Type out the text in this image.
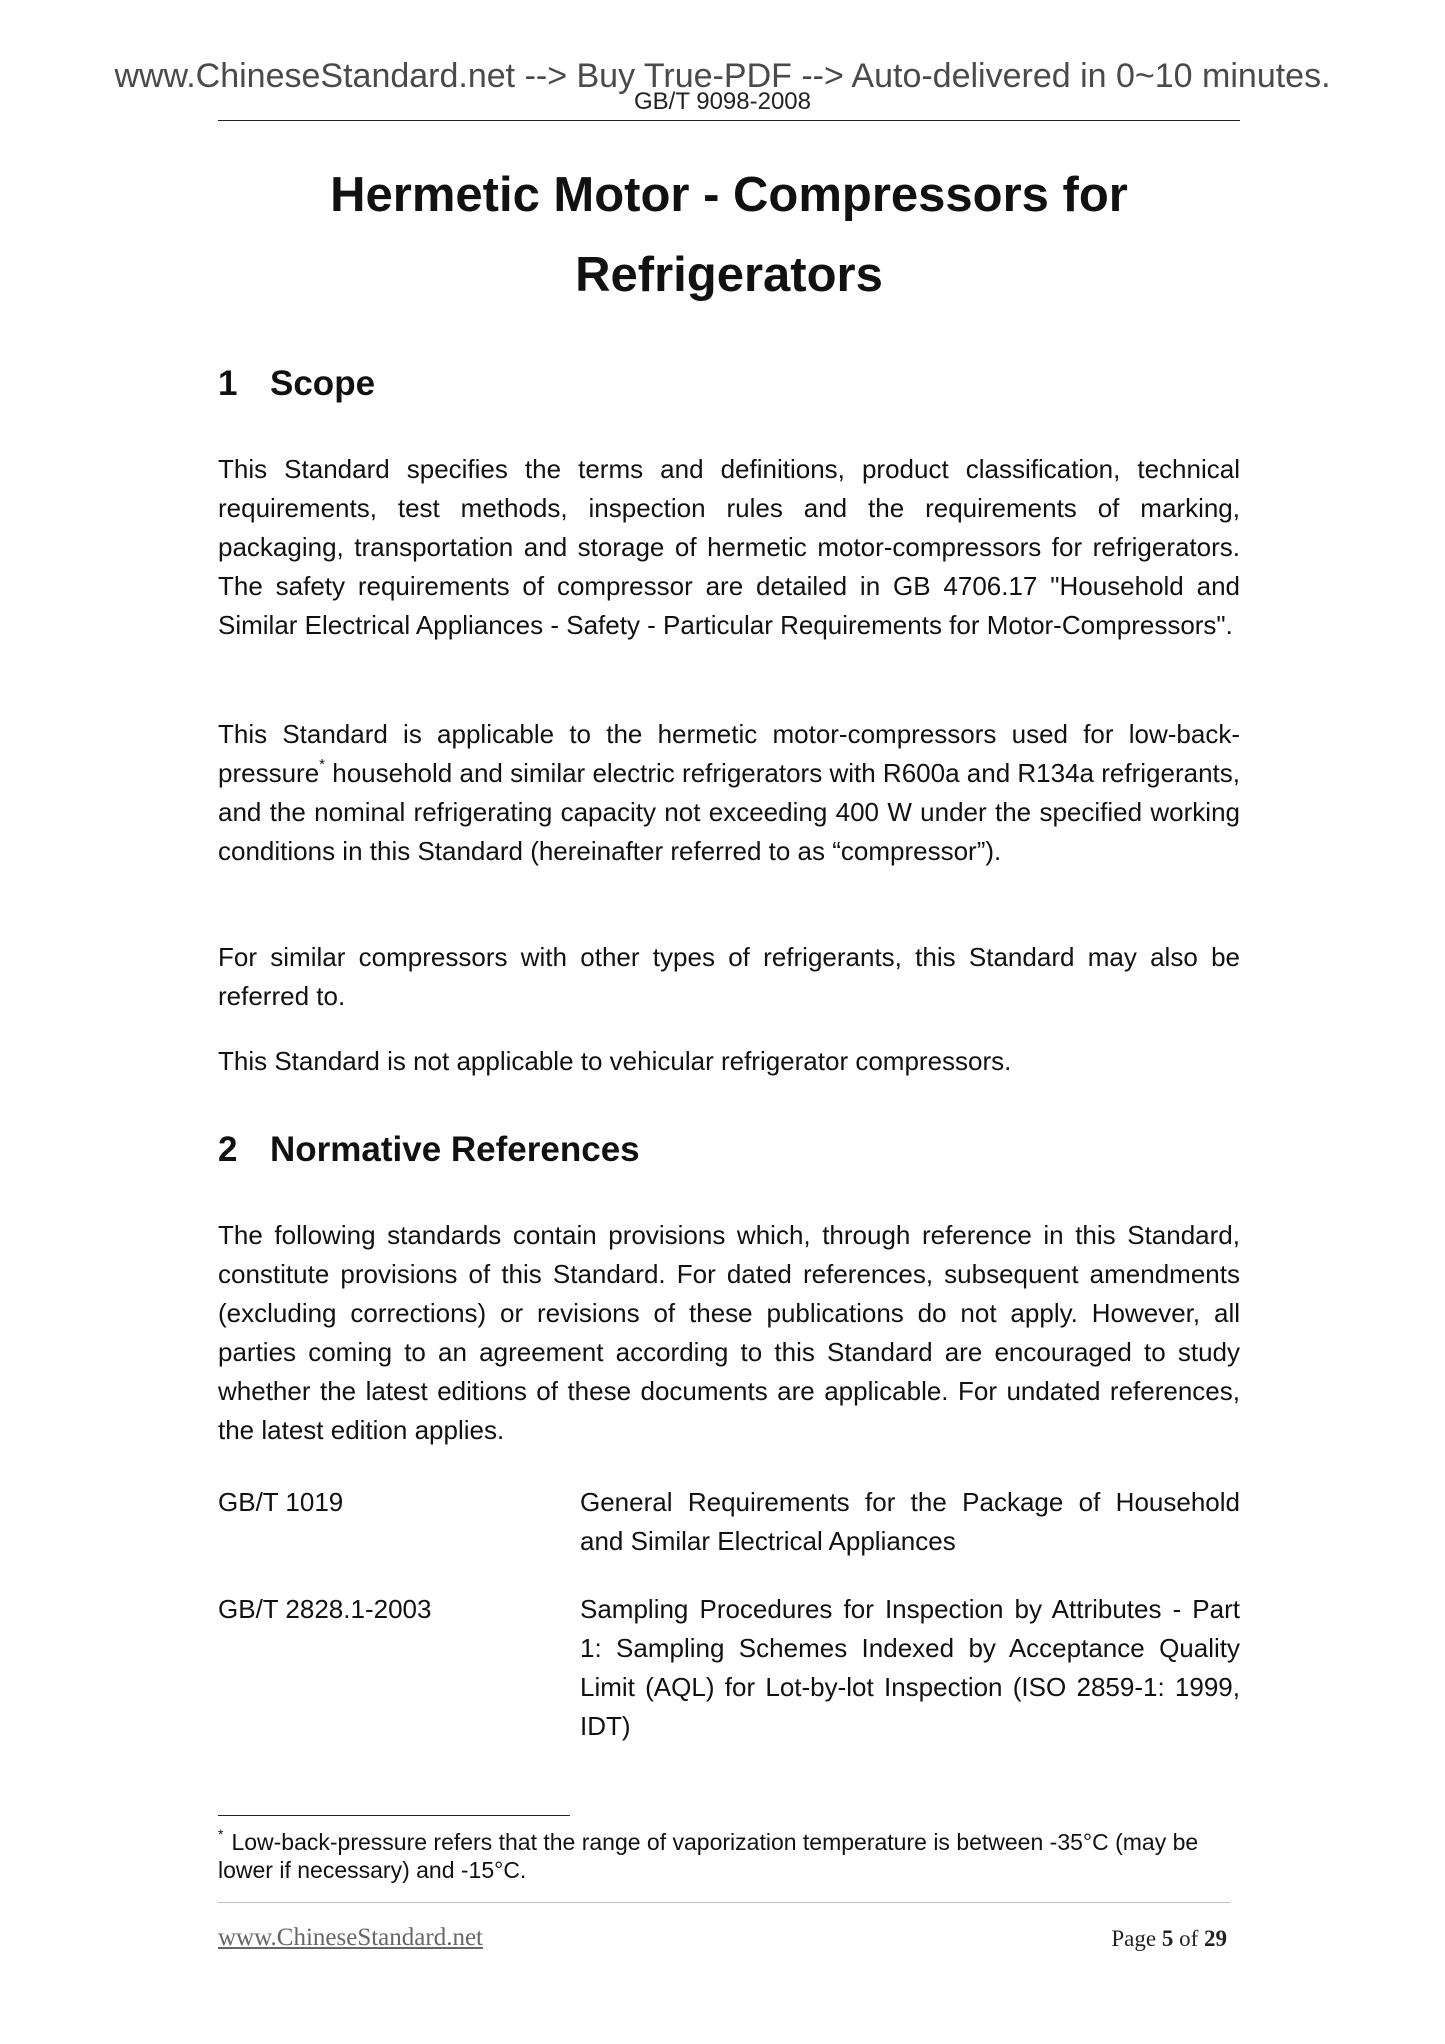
www.ChineseStandard.net --> Buy True-PDF --> Auto-delivered in 0~10 minutes.
GB/T 9098-2008
Hermetic Motor - Compressors for
Refrigerators
1 Scope
This Standard specifies the terms and definitions, product classification, technical requirements, test methods, inspection rules and the requirements of marking, packaging, transportation and storage of hermetic motor-compressors for refrigerators. The safety requirements of compressor are detailed in GB 4706.17 "Household and Similar Electrical Appliances - Safety - Particular Requirements for Motor-Compressors".
This Standard is applicable to the hermetic motor-compressors used for low-back-pressure* household and similar electric refrigerators with R600a and R134a refrigerants, and the nominal refrigerating capacity not exceeding 400 W under the specified working conditions in this Standard (hereinafter referred to as “compressor”).
For similar compressors with other types of refrigerants, this Standard may also be referred to.
This Standard is not applicable to vehicular refrigerator compressors.
2 Normative References
The following standards contain provisions which, through reference in this Standard, constitute provisions of this Standard. For dated references, subsequent amendments (excluding corrections) or revisions of these publications do not apply. However, all parties coming to an agreement according to this Standard are encouraged to study whether the latest editions of these documents are applicable. For undated references, the latest edition applies.
GB/T 1019	General Requirements for the Package of Household and Similar Electrical Appliances
GB/T 2828.1-2003	Sampling Procedures for Inspection by Attributes - Part 1: Sampling Schemes Indexed by Acceptance Quality Limit (AQL) for Lot-by-lot Inspection (ISO 2859-1: 1999, IDT)
* Low-back-pressure refers that the range of vaporization temperature is between -35°C (may be lower if necessary) and -15°C.
www.ChineseStandard.net	Page 5 of 29
